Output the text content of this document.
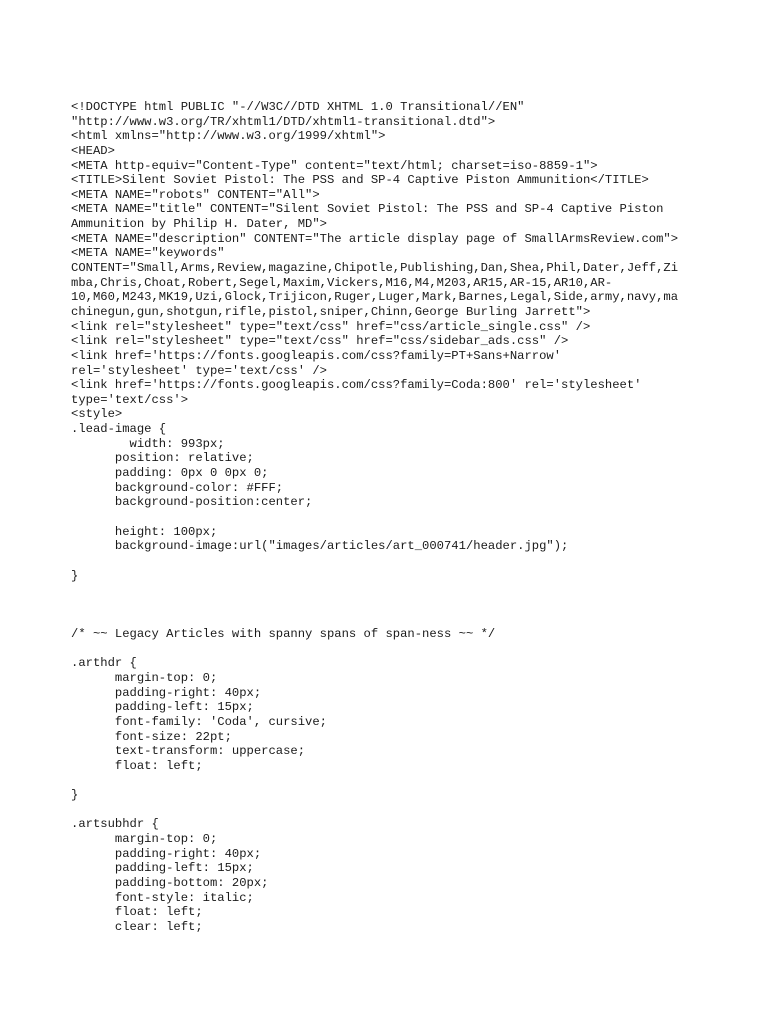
<!DOCTYPE html PUBLIC "-//W3C//DTD XHTML 1.0 Transitional//EN"
"http://www.w3.org/TR/xhtml1/DTD/xhtml1-transitional.dtd">
<html xmlns="http://www.w3.org/1999/xhtml">
<HEAD>
<META http-equiv="Content-Type" content="text/html; charset=iso-8859-1">
<TITLE>Silent Soviet Pistol: The PSS and SP-4 Captive Piston Ammunition</TITLE>
<META NAME="robots" CONTENT="All">
<META NAME="title" CONTENT="Silent Soviet Pistol: The PSS and SP-4 Captive Piston
Ammunition by Philip H. Dater, MD">
<META NAME="description" CONTENT="The article display page of SmallArmsReview.com">
<META NAME="keywords"
CONTENT="Small,Arms,Review,magazine,Chipotle,Publishing,Dan,Shea,Phil,Dater,Jeff,Zi
mba,Chris,Choat,Robert,Segel,Maxim,Vickers,M16,M4,M203,AR15,AR-15,AR10,AR-
10,M60,M243,MK19,Uzi,Glock,Trijicon,Ruger,Luger,Mark,Barnes,Legal,Side,army,navy,ma
chinegun,gun,shotgun,rifle,pistol,sniper,Chinn,George Burling Jarrett">
<link rel="stylesheet" type="text/css" href="css/article_single.css" />
<link rel="stylesheet" type="text/css" href="css/sidebar_ads.css" />
<link href='https://fonts.googleapis.com/css?family=PT+Sans+Narrow'
rel='stylesheet' type='text/css' />
<link href='https://fonts.googleapis.com/css?family=Coda:800' rel='stylesheet'
type='text/css'>
<style>
.lead-image {
width: 993px;
position: relative;
padding: 0px 0 0px 0;
background-color: #FFF;
background-position:center;

height: 100px;
background-image:url("images/articles/art_000741/header.jpg");

}

/* ~~ Legacy Articles with spanny spans of span-ness ~~ */

.arthdr {
margin-top: 0;
padding-right: 40px;
padding-left: 15px;
font-family: 'Coda', cursive;
font-size: 22pt;
text-transform: uppercase;
float: left;

}

.artsubhdr {
margin-top: 0;
padding-right: 40px;
padding-left: 15px;
padding-bottom: 20px;
font-style: italic;
float: left;
clear: left;
